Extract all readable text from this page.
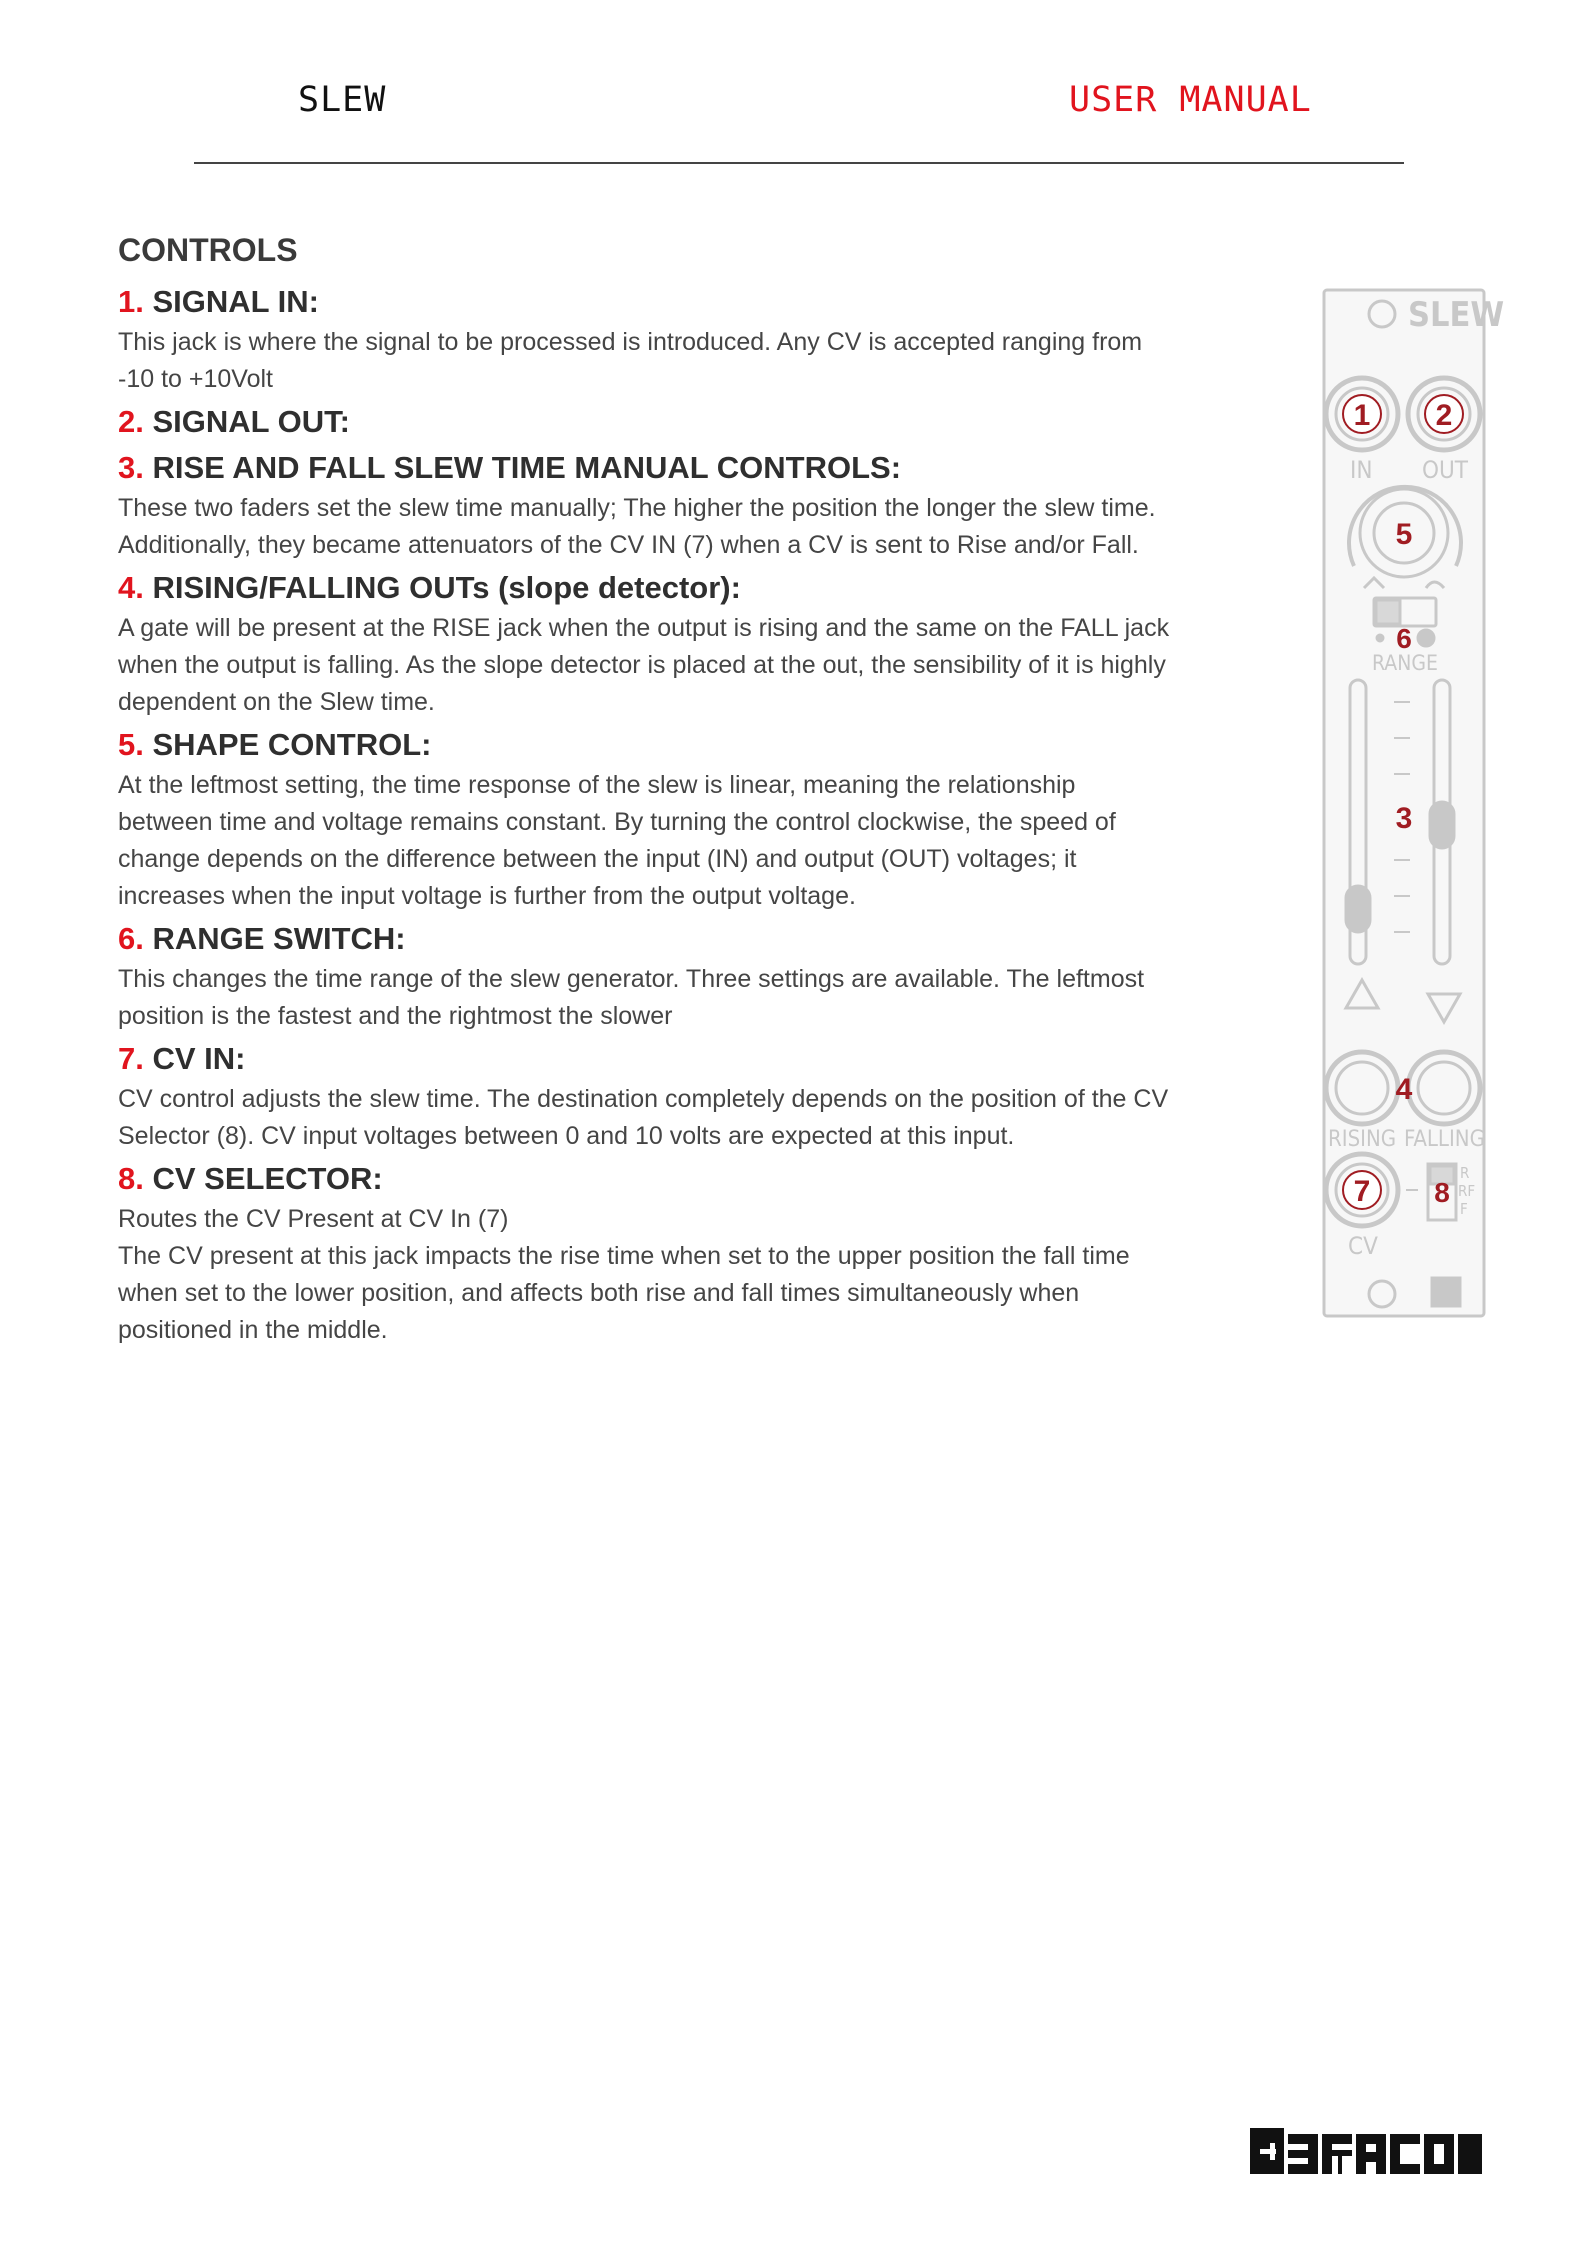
SLEW	USER MANUAL
CONTROLS
1. SIGNAL IN:

This jack is where the signal to be processed is introduced. Any CV is accepted ranging from

-10 to +10Volt

2. SIGNAL OUT:
3. RISE AND FALL SLEW TIME MANUAL CONTROLS:

These two faders set the slew time manually; The higher the position the longer the slew time.

Additionally, they became attenuators of the CV IN (7) when a CV is sent to Rise and/or Fall.

4. RISING/FALLING OUTs (slope detector):

A gate will be present at the RISE jack when the output is rising and the same on the FALL jack

when the output is falling. As the slope detector is placed at the out, the sensibility of it is highly

dependent on the Slew time.

5. SHAPE CONTROL:

At the leftmost setting, the time response of the slew is linear, meaning the relationship

between time and voltage remains constant. By turning the control clockwise, the speed of

change depends on the difference between the input (IN) and output (OUT) voltages; it

increases when the input voltage is further from the output voltage.

6. RANGE SWITCH:

This changes the time range of the slew generator. Three settings are available. The leftmost

position is the fastest and the rightmost the slower

7. CV IN:

CV control adjusts the slew time. The destination completely depends on the position of the CV

Selector (8). CV input voltages between 0 and 10 volts are expected at this input.

8. CV SELECTOR:

Routes the CV Present at CV In (7)

The CV present at this jack impacts the rise time when set to the upper position the fall time

when set to the lower position, and affects both rise and fall times simultaneously when

positioned in the middle.

SLEW
IN OUT
RANGE
RISING FALLING
CV
R
RF
F
1 2
5
6
3
4
7 8
